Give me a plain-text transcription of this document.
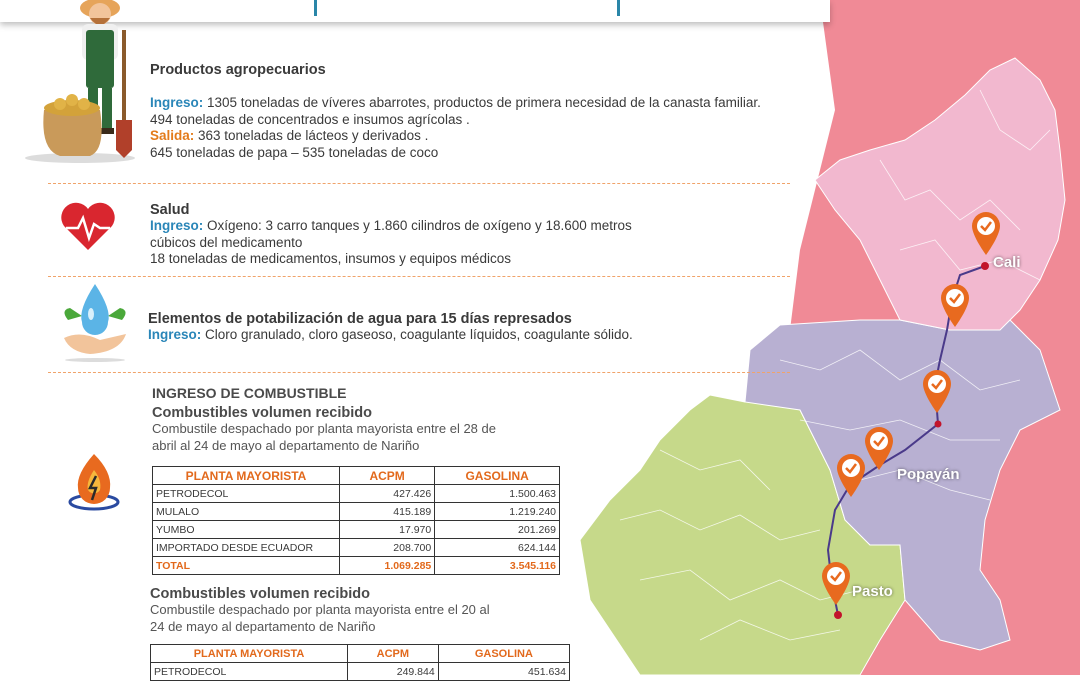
Cali
Popayán
Pasto
Productos agropecuarios
Ingreso: 1305 toneladas de víveres abarrotes, productos de primera necesidad de la canasta familiar.
494 toneladas de concentrados e insumos agrícolas .
Salida: 363 toneladas de lácteos y derivados .
645 toneladas de papa – 535 toneladas de coco
Salud
Ingreso: Oxígeno: 3 carro tanques y 1.860 cilindros de oxígeno y 18.600 metros
cúbicos del medicamento
18 toneladas de medicamentos, insumos y equipos médicos
Elementos de potabilización de agua para 15 días represados
Ingreso: Cloro granulado, cloro gaseoso, coagulante líquidos, coagulante sólido.
INGRESO DE COMBUSTIBLE
Combustibles volumen recibido
Combustile despachado por planta mayorista entre el 28 de
abril al 24 de mayo al departamento de Nariño
PLANTA MAYORISTA	ACPM	GASOLINA
PETRODECOL	427.426	1.500.463
MULALO	415.189	1.219.240
YUMBO	17.970	201.269
IMPORTADO DESDE ECUADOR	208.700	624.144
TOTAL	1.069.285	3.545.116
Combustibles volumen recibido
Combustile despachado por planta mayorista entre el 20 al
24 de mayo al departamento de Nariño
PLANTA MAYORISTA	ACPM	GASOLINA
PETRODECOL	249.844	451.634
